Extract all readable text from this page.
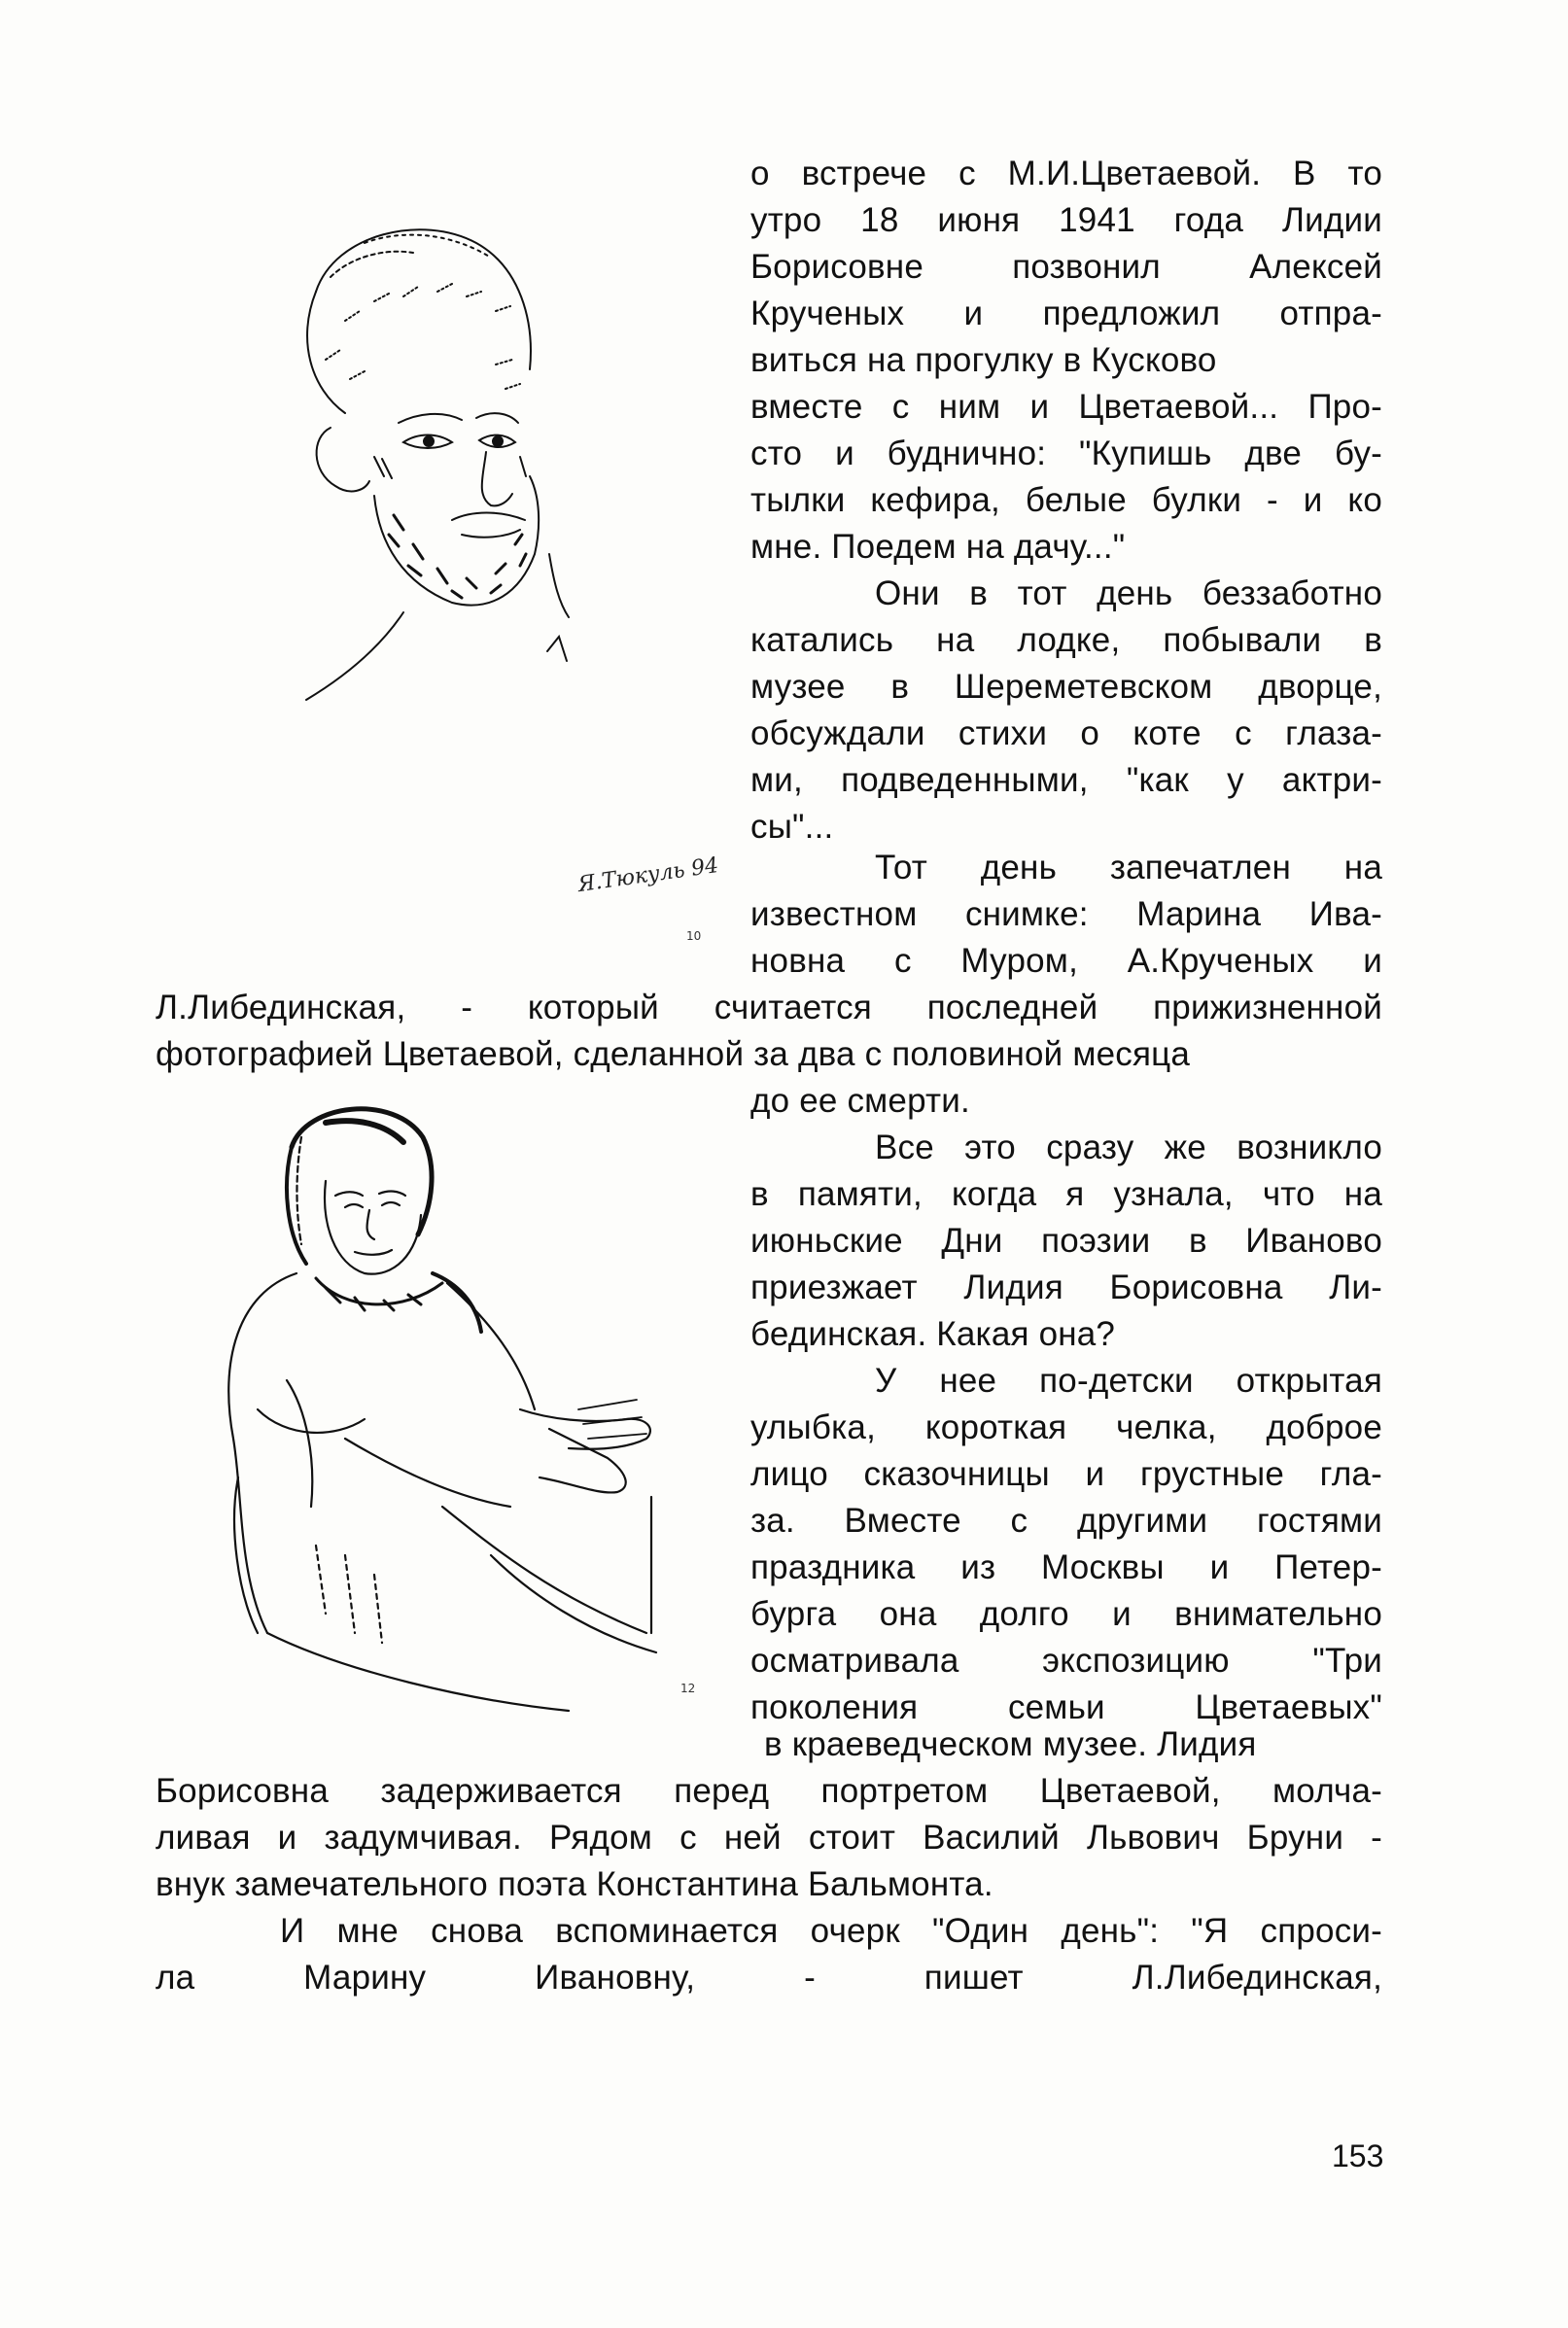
Я.Тюкуль 94
10
12
о встрече с М.И.Цветаевой. В то
утро 18 июня 1941 года Лидии
Борисовне позвонил Алексей
Крученых и предложил отпра-
виться на прогулку в Кусково
вместе с ним и Цветаевой... Про-
сто и буднично: "Купишь две бу-
тылки кефира, белые булки - и ко
мне. Поедем на дачу..."
Они в тот день беззаботно
катались на лодке, побывали в
музее в Шереметевском дворце,
обсуждали стихи о коте с глаза-
ми, подведенными, "как у актри-
сы"...
Тот день запечатлен на
известном снимке: Марина Ива-
новна с Муром, А.Крученых и
Л.Либединская, - который считается последней прижизненной
фотографией Цветаевой, сделанной за два с половиной месяца
до ее смерти.
Все это сразу же возникло
в памяти, когда я узнала, что на
июньские Дни поэзии в Иваново
приезжает Лидия Борисовна Ли-
бединская. Какая она?
У нее по-детски открытая
улыбка, короткая челка, доброе
лицо сказочницы и грустные гла-
за. Вместе с другими гостями
праздника из Москвы и Петер-
бурга она долго и внимательно
осматривала экспозицию "Три
поколения семьи Цветаевых"
в краеведческом музее. Лидия
Борисовна задерживается перед портретом Цветаевой, молча-
ливая и задумчивая. Рядом с ней стоит Василий Львович Бруни -
внук замечательного поэта Константина Бальмонта.
И мне снова вспоминается очерк "Один день": "Я спроси-
ла Марину Ивановну, - пишет Л.Либединская,
153
